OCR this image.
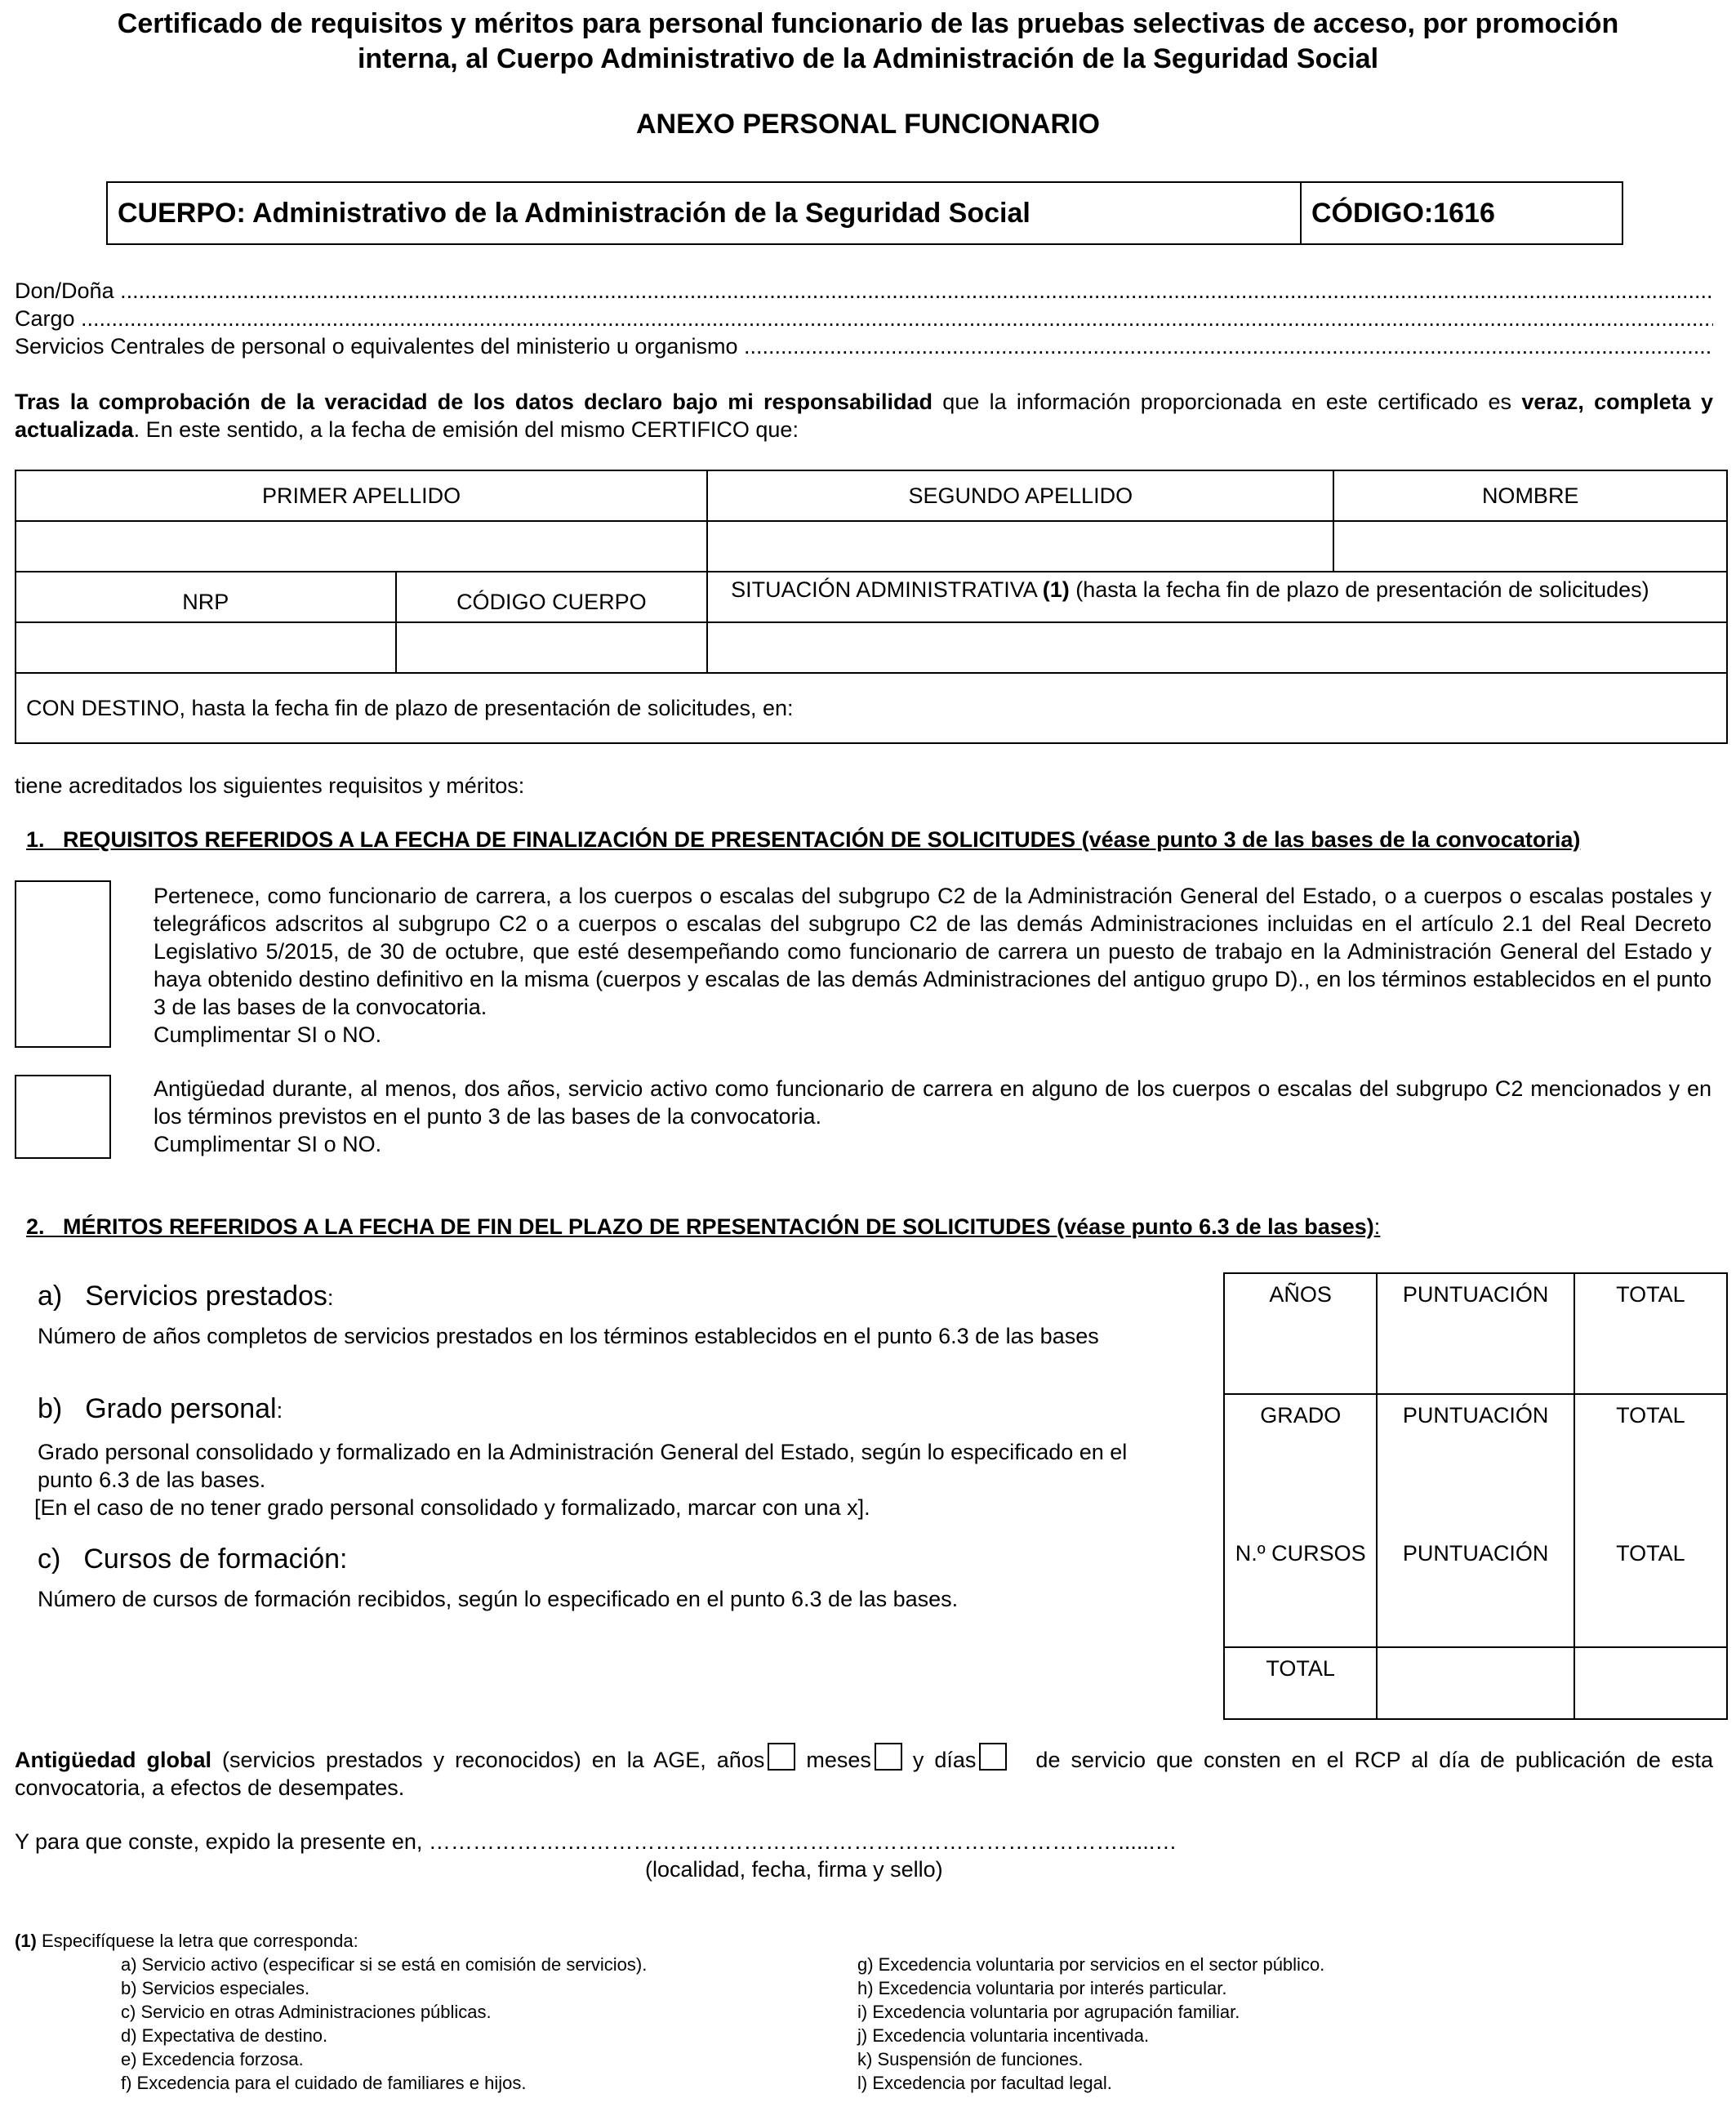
Certificado de requisitos y méritos para personal funcionario de las pruebas selectivas de acceso, por promoción
interna, al Cuerpo Administrativo de la Administración de la Seguridad Social
ANEXO PERSONAL FUNCIONARIO
CUERPO: Administrativo de la Administración de la Seguridad Social	CÓDIGO:1616
Don/Doña
.....
Cargo
.....
Servicios Centrales de personal o equivalentes del ministerio u organismo
.....
Tras la comprobación de la veracidad de los datos declaro bajo mi responsabilidad que la información proporcionada en este certificado es veraz, completa y actualizada. En este sentido, a la fecha de emisión del mismo CERTIFICO que:
PRIMER APELLIDO		SEGUNDO APELLIDO	NOMBRE

NRP	CÓDIGO CUERPO	SITUACIÓN ADMINISTRATIVA (1) (hasta la fecha fin de plazo de presentación de solicitudes)	

CON DESTINO, hasta la fecha fin de plazo de presentación de solicitudes, en:			
tiene acreditados los siguientes requisitos y méritos:
1.   REQUISITOS REFERIDOS A LA FECHA DE FINALIZACIÓN DE PRESENTACIÓN DE SOLICITUDES (véase punto 3 de las bases de la convocatoria)
Pertenece, como funcionario de carrera, a los cuerpos o escalas del subgrupo C2 de la Administración General del Estado, o a cuerpos o escalas postales y telegráficos adscritos al subgrupo C2 o a cuerpos o escalas del subgrupo C2 de las demás Administraciones incluidas en el artículo 2.1 del Real Decreto Legislativo 5/2015, de 30 de octubre, que esté desempeñando como funcionario de carrera un puesto de trabajo en la Administración General del Estado y haya obtenido destino definitivo en la misma (cuerpos y escalas de las demás Administraciones del antiguo grupo D)., en los términos establecidos en el punto 3 de las bases de la convocatoria.
Cumplimentar SI o NO.
Antigüedad durante, al menos, dos años, servicio activo como funcionario de carrera en alguno de los cuerpos o escalas del subgrupo C2 mencionados y en los términos previstos en el punto 3 de las bases de la convocatoria.
Cumplimentar SI o NO.
2.   MÉRITOS REFERIDOS A LA FECHA DE FIN DEL PLAZO DE RPESENTACIÓN DE SOLICITUDES (véase punto 6.3 de las bases):
a) Servicios prestados:
Número de años completos de servicios prestados en los términos establecidos en el punto 6.3 de las bases
b) Grado personal:
Grado personal consolidado y formalizado en la Administración General del Estado, según lo especificado en el punto 6.3 de las bases.
[En el caso de no tener grado personal consolidado y formalizado, marcar con una x].
c) Cursos de formación:
Número de cursos de formación recibidos, según lo especificado en el punto 6.3 de las bases.
AÑOS	PUNTUACIÓN	TOTAL
GRADO	PUNTUACIÓN	TOTAL
N.º CURSOS	PUNTUACIÓN	TOTAL
TOTAL		
Antigüedad global (servicios prestados y reconocidos) en la AGE, años meses y días de servicio que consten en el RCP al día de publicación de esta convocatoria, a efectos de desempates.
Y para que conste, expido la presente en, ……………….…………………………………………………………………......…
(localidad, fecha, firma y sello)
(1) Especifíquese la letra que corresponda:
a) Servicio activo (especificar si se está en comisión de servicios).
b) Servicios especiales.
c) Servicio en otras Administraciones públicas.
d) Expectativa de destino.
e) Excedencia forzosa.
f) Excedencia para el cuidado de familiares e hijos.
g) Excedencia voluntaria por servicios en el sector público.
h) Excedencia voluntaria por interés particular.
i) Excedencia voluntaria por agrupación familiar.
j) Excedencia voluntaria incentivada.
k) Suspensión de funciones.
l) Excedencia por facultad legal.
